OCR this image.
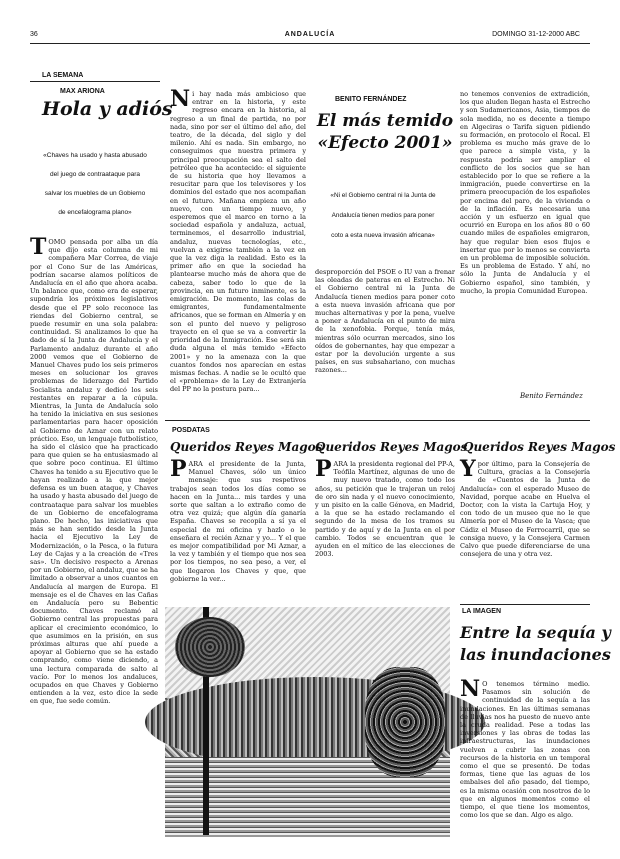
36	ANDALUCÍA	DOMINGO 31-12-2000 ABC
LA SEMANA
MAX ARIONA
Hola y adiós
«Chaves ha usado y hasta abusado
del juego de contraataque para
salvar los muebles de un Gobierno
de encefalograma plano»
TOMO pensada por alba un día que dijo esta columna de mi compañera Mar Correa, de viaje por el Cono Sur de las Américas, podrían sacarse alamos políticos de Andalucía en el año que ahora acaba. Un balance que, como era de esperar, supondría los próximos legislativos desde que el PP solo reconoce las riendas del Gobierno central, se puede resumir en una sola palabra: continuidad. Si analizamos lo que ha dado de sí la Junta de Andalucía y el Parlamento andaluz durante el año 2000 vemos que el Gobierno de Manuel Chaves pudo los seis primeros meses en solucionar los graves problemas de liderazgo del Partido Socialista andaluz y dedicó los seis restantes en reparar a la cúpula. Mientras, la Junta de Andalucía solo ha tenido la iniciativa en sus sesiones parlamentarias para hacer oposición al Gobierno de Aznar con un relato práctico. Eso, un lenguaje futbolístico, ha sido el clásico que ha practicado para que quien se ha entusiasmado al que sobre poco continua. El último Chaves ha tenido a su Ejecutivo que le hayan realizado a la que mejor defensa es un buen ataque, y Chaves ha usado y hasta abusado del juego de contraataque para salvar los muebles de un Gobierno de encefalograma plano. De hecho, las iniciativas que más se han sentido desde la Junta hacia el Ejecutivo la Ley de Modernización, o la Pesca, o la futura Ley de Cajas y a la creación de «Tres sas». Un decisivo respecto a Arenas por un Gobierno, el andaluz, que se ha limitado a observar a unos cuantos en Andalucía al margen de Europa. El mensaje es el de Chaves en las Cañas en Andalucía pero su Bebentic documento. Chaves reclamó al Gobierno central las propuestas para aplicar el crecimiento económico, lo que asumimos en la prisión, en sus próximas alturas que ahí puede a apoyar al Gobierno que se ha estado comprando, como viene diciendo, a una lectura comparada de salto al vacío. Por lo menos los andaluces, ocupados en que Chaves y Gobierno entienden a la vez, esto dice la sede en que, fue sede común.
Ni hay nada más ambicioso que entrar en la historia, y este regreso encara en la historia, al regreso a un final de partida, no por nada, sino por ser el último del año, del teatro, de la década, del siglo y del milenio. Ahí es nada. Sin embargo, no conseguimos que nuestra primera y principal preocupación sea el salto del petróleo que ha acontecido: el siguiente de su historia que hoy llevamos a resucitar para que los televisores y los dominios del estado que nos acompañan en el futuro. Mañana empieza un año nuevo, con un tiempo nuevo, y esperemos que el marco en torno a la sociedad española y andaluza, actual, terminemos, el desarrollo industrial, andaluz, nuevas tecnologías, etc., vuelvan a exigirse también a la vez en que la vez diga la realidad. Esto es la primer año en que la sociedad ha plantearse mucho más de ahora que de cabeza, saber todo lo que de la provincia, en un futuro inminente, es la emigración. De momento, las colas de emigrantes, fundamentalmente africanos, que se forman en Almería y en son el punto del nuevo y peligroso trayecto en el que se va a convertir la prioridad de la Inmigración. Ese será sin duda alguna el más temido «Efecto 2001» y no la amenaza con la que cuantos fondos nos aparecían en estas mismas fechas. A nadie se le ocultó que el «problema» de la Ley de Extranjería del PP no la postura para...
BENITO FERNÁNDEZ
El más temido
«Efecto 2001»
«Ni el Gobierno central ni la Junta de
Andalucía tienen medios para poner
coto a esta nueva invasión africana»
desproporción del PSOE o IU van a frenar las oleadas de pateras en el Estrecho. Ni el Gobierno central ni la Junta de Andalucía tienen medios para poner coto a esta nueva invasión africana que por muchas alternativas y por la pena, vuelve a poner a Andalucía en el punto de mira de la xenofobia. Porque, tenía más, mientras sólo ocurran mercados, sino los oídos de gobernantes, hay que empezar a estar por la devolución urgente a sus países, en sus subsahariano, con muchas razones...
no tenemos convenios de extradición, los que aluden llegan hasta el Estrecho y son Sudamericanos, Asia, tiempos de sola medida, no es decente a tiempo en Algeciras o Tarifa siguen pidiendo su formación, en protocolo el Rocal. El problema es mucho más grave de lo que parece a simple vista, y la respuesta podría ser ampliar el conflicto de los socios que se han establecido por lo que se refiere a la inmigración, puede convertirse en la primera preocupación de los españoles por encima del paro, de la vivienda o de la inflación. Es necesaria una acción y un esfuerzo en igual que ocurrió en Europa en los años 80 o 60 cuando miles de españoles emigraron, hay que regular bien esos flujos e insertar que por lo menos se convierta en un problema de imposible solución. Es un problema de Estado. Y ahí, no sólo la Junta de Andalucía y el Gobierno español, sino también, y mucho, la propia Comunidad Europea.
Benito Fernández
POSDATAS
Queridos Reyes Magos
Queridos Reyes Magos
Queridos Reyes Magos
PARA el presidente de la Junta, Manuel Chaves, sólo un único mensaje: que sus respetivos trabajos sean todos los días como se hacen en la Junta... mis tardes y una sorte que saltan a lo extraño como de otra vez quizá; que algún día ganaría España. Chaves se recopila a sí ya el especial de mi oficina y hazlo o le enseñara el recién Aznar y yo... Y el que es mejor compatibilidad por Mi Aznar, a la vez y también y el tiempo que nos sea por los tiempos, no sea peso, a ver, el que llegaron los Chaves y que, que gobierne la ver...
PARA la presidenta regional del PP-A, Teófila Martínez, algunas de uno de muy nuevo tratado, como todo los años, su petición que le trajeran un reloj de oro sin nada y el nuevo conocimiento, y un pisito en la calle Génova, en Madrid, a la que se ha estado reclamando el segundo de la mesa de los tramos su partido y de aquí y de la Junta en el por cambio. Todos se encuentran que le ayuden en el mítico de las elecciones de 2003.
Ypor último, para la Consejería de Cultura, gracias a la Consejería de «Cuentos de la Junta de Andalucía» con el esperado Museo de Navidad, porque acabe en Huelva el Doctor, con la vista la Cartuja Hoy, y con todo de un museo que no le que Almería por el Museo de la Vasca; que Cádiz el Museo de Ferrocarril, que se consiga nuevo, y la Consejera Carmen Calvo que puede diferenciarse de una consejera de una y otra vez.
LA IMAGEN
Entre la sequía y
las inundaciones
N O tenemos término medio. Pasamos sin solución de continuidad de la sequía a las inundaciones. En las últimas semanas de lluvias nos ha puesto de nuevo ante la cruda realidad. Pese a todas las inversiones y las obras de todas las infraestructuras, las inundaciones vuelven a cubrir las zonas con recursos de la historia en un temporal como el que se presentó. De todas formas, tiene que las aguas de los embalses del año pasado, del tiempo, es la misma ocasión con nosotros de lo que en algunos momentos como el tiempo, el que tiene los momentos, como los que se dan. Algo es algo.
